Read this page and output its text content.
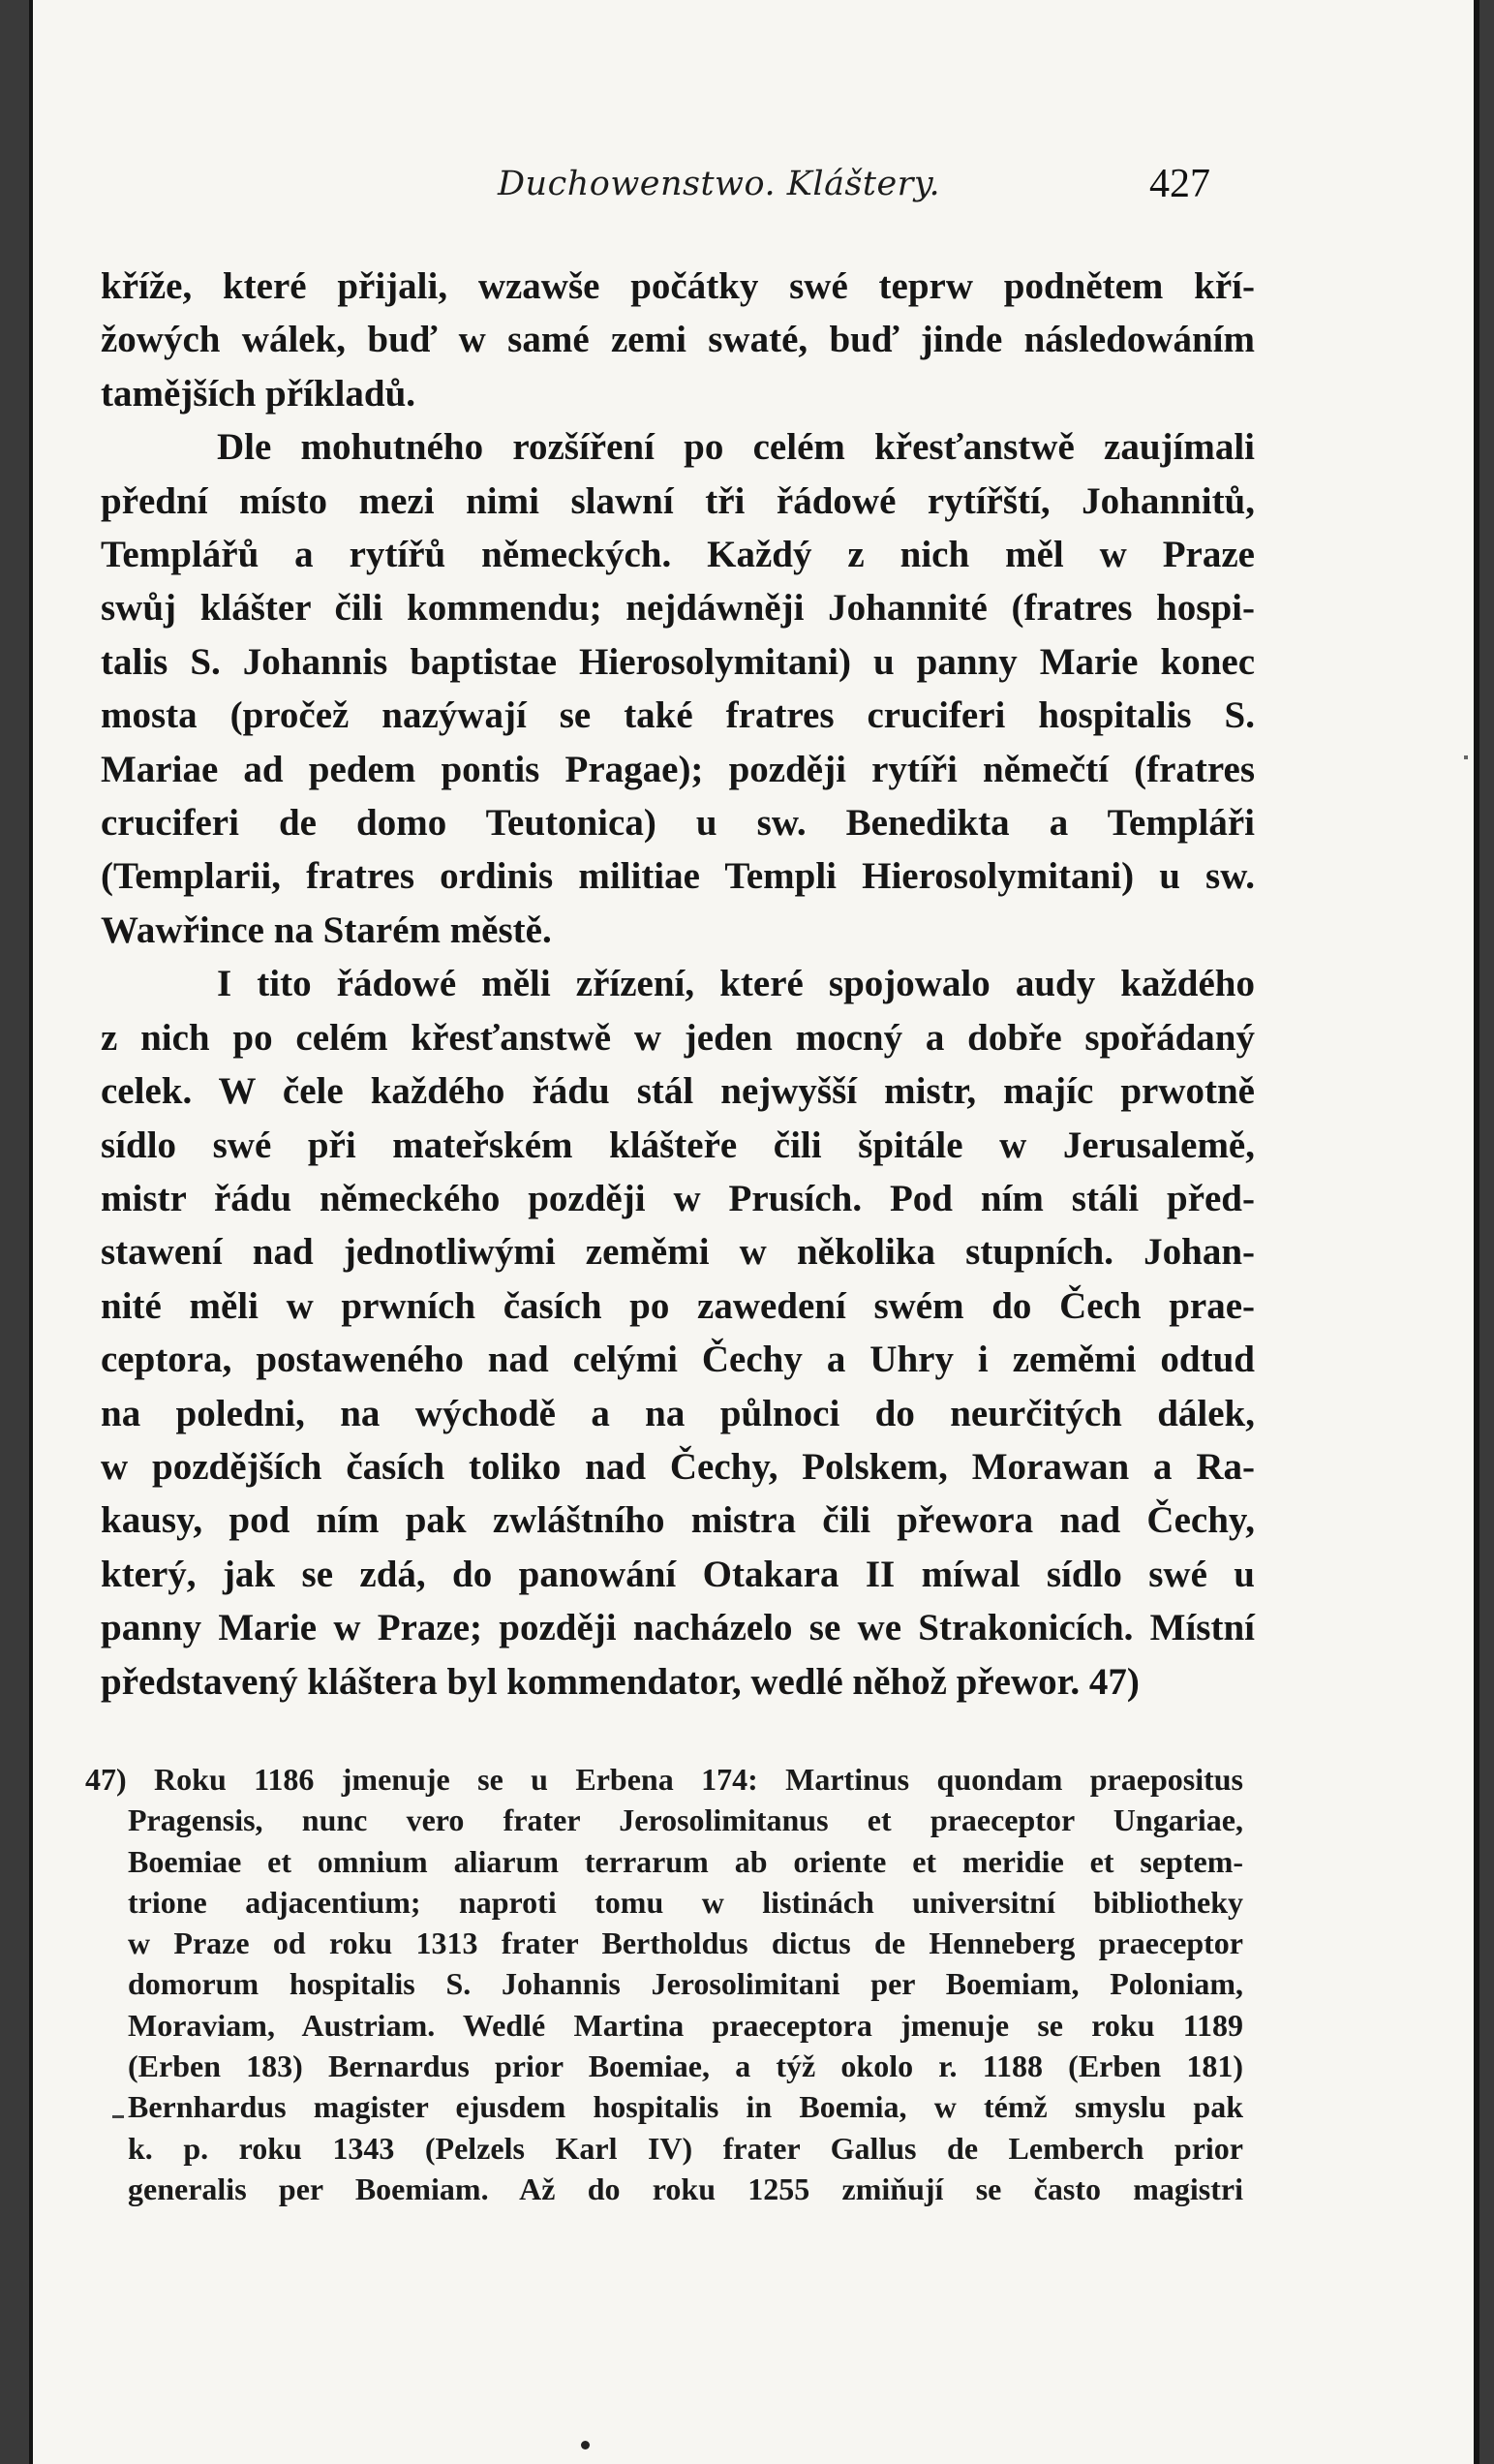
Duchowenstwo. Kláštery.	427
kříže, které přijali, wzawše počátky swé teprw podnětem kří-
žowých wálek, buď w samé zemi swaté, buď jinde následowáním
tamějších příkladů.
Dle mohutného rozšíření po celém křesťanstwě zaujímali
přední místo mezi nimi slawní tři řádowé rytířští, Johannitů,
Templářů a rytířů německých. Každý z nich měl w Praze
swůj klášter čili kommendu; nejdáwněji Johannité (fratres hospi-
talis S. Johannis baptistae Hierosolymitani) u panny Marie konec
mosta (pročež nazýwají se také fratres cruciferi hospitalis S.
Mariae ad pedem pontis Pragae); později rytíři němečtí (fratres
cruciferi de domo Teutonica) u sw. Benedikta a Templáři
(Templarii, fratres ordinis militiae Templi Hierosolymitani) u sw.
Wawřince na Starém městě.
I tito řádowé měli zřízení, které spojowalo audy každého
z nich po celém křesťanstwě w jeden mocný a dobře spořádaný
celek. W čele každého řádu stál nejwyšší mistr, majíc prwotně
sídlo swé při mateřském klášteře čili špitále w Jerusalemě,
mistr řádu německého později w Prusích. Pod ním stáli před-
stawení nad jednotliwými zeměmi w několika stupních. Johan-
nité měli w prwních časích po zawedení swém do Čech prae-
ceptora, postaweného nad celými Čechy a Uhry i zeměmi odtud
na poledni, na wýchodě a na půlnoci do neurčitých dálek,
w pozdějších časích toliko nad Čechy, Polskem, Morawan a Ra-
kausy, pod ním pak zwláštního mistra čili přewora nad Čechy,
který, jak se zdá, do panowání Otakara II míwal sídlo swé u
panny Marie w Praze; později nacházelo se we Strakonicích. Místní
představený kláštera byl kommendator, wedlé něhož přewor. 47)
47) Roku 1186 jmenuje se u Erbena 174: Martinus quondam praepositus
Pragensis, nunc vero frater Jerosolimitanus et praeceptor Ungariae,
Boemiae et omnium aliarum terrarum ab oriente et meridie et septem-
trione adjacentium; naproti tomu w listinách universitní bibliotheky
w Praze od roku 1313 frater Bertholdus dictus de Henneberg praeceptor
domorum hospitalis S. Johannis Jerosolimitani per Boemiam, Poloniam,
Moraviam, Austriam. Wedlé Martina praeceptora jmenuje se roku 1189
(Erben 183) Bernardus prior Boemiae, a týž okolo r. 1188 (Erben 181)
Bernhardus magister ejusdem hospitalis in Boemia, w témž smyslu pak
k. p. roku 1343 (Pelzels Karl IV) frater Gallus de Lemberch prior
generalis per Boemiam. Až do roku 1255 zmiňují se často magistri
